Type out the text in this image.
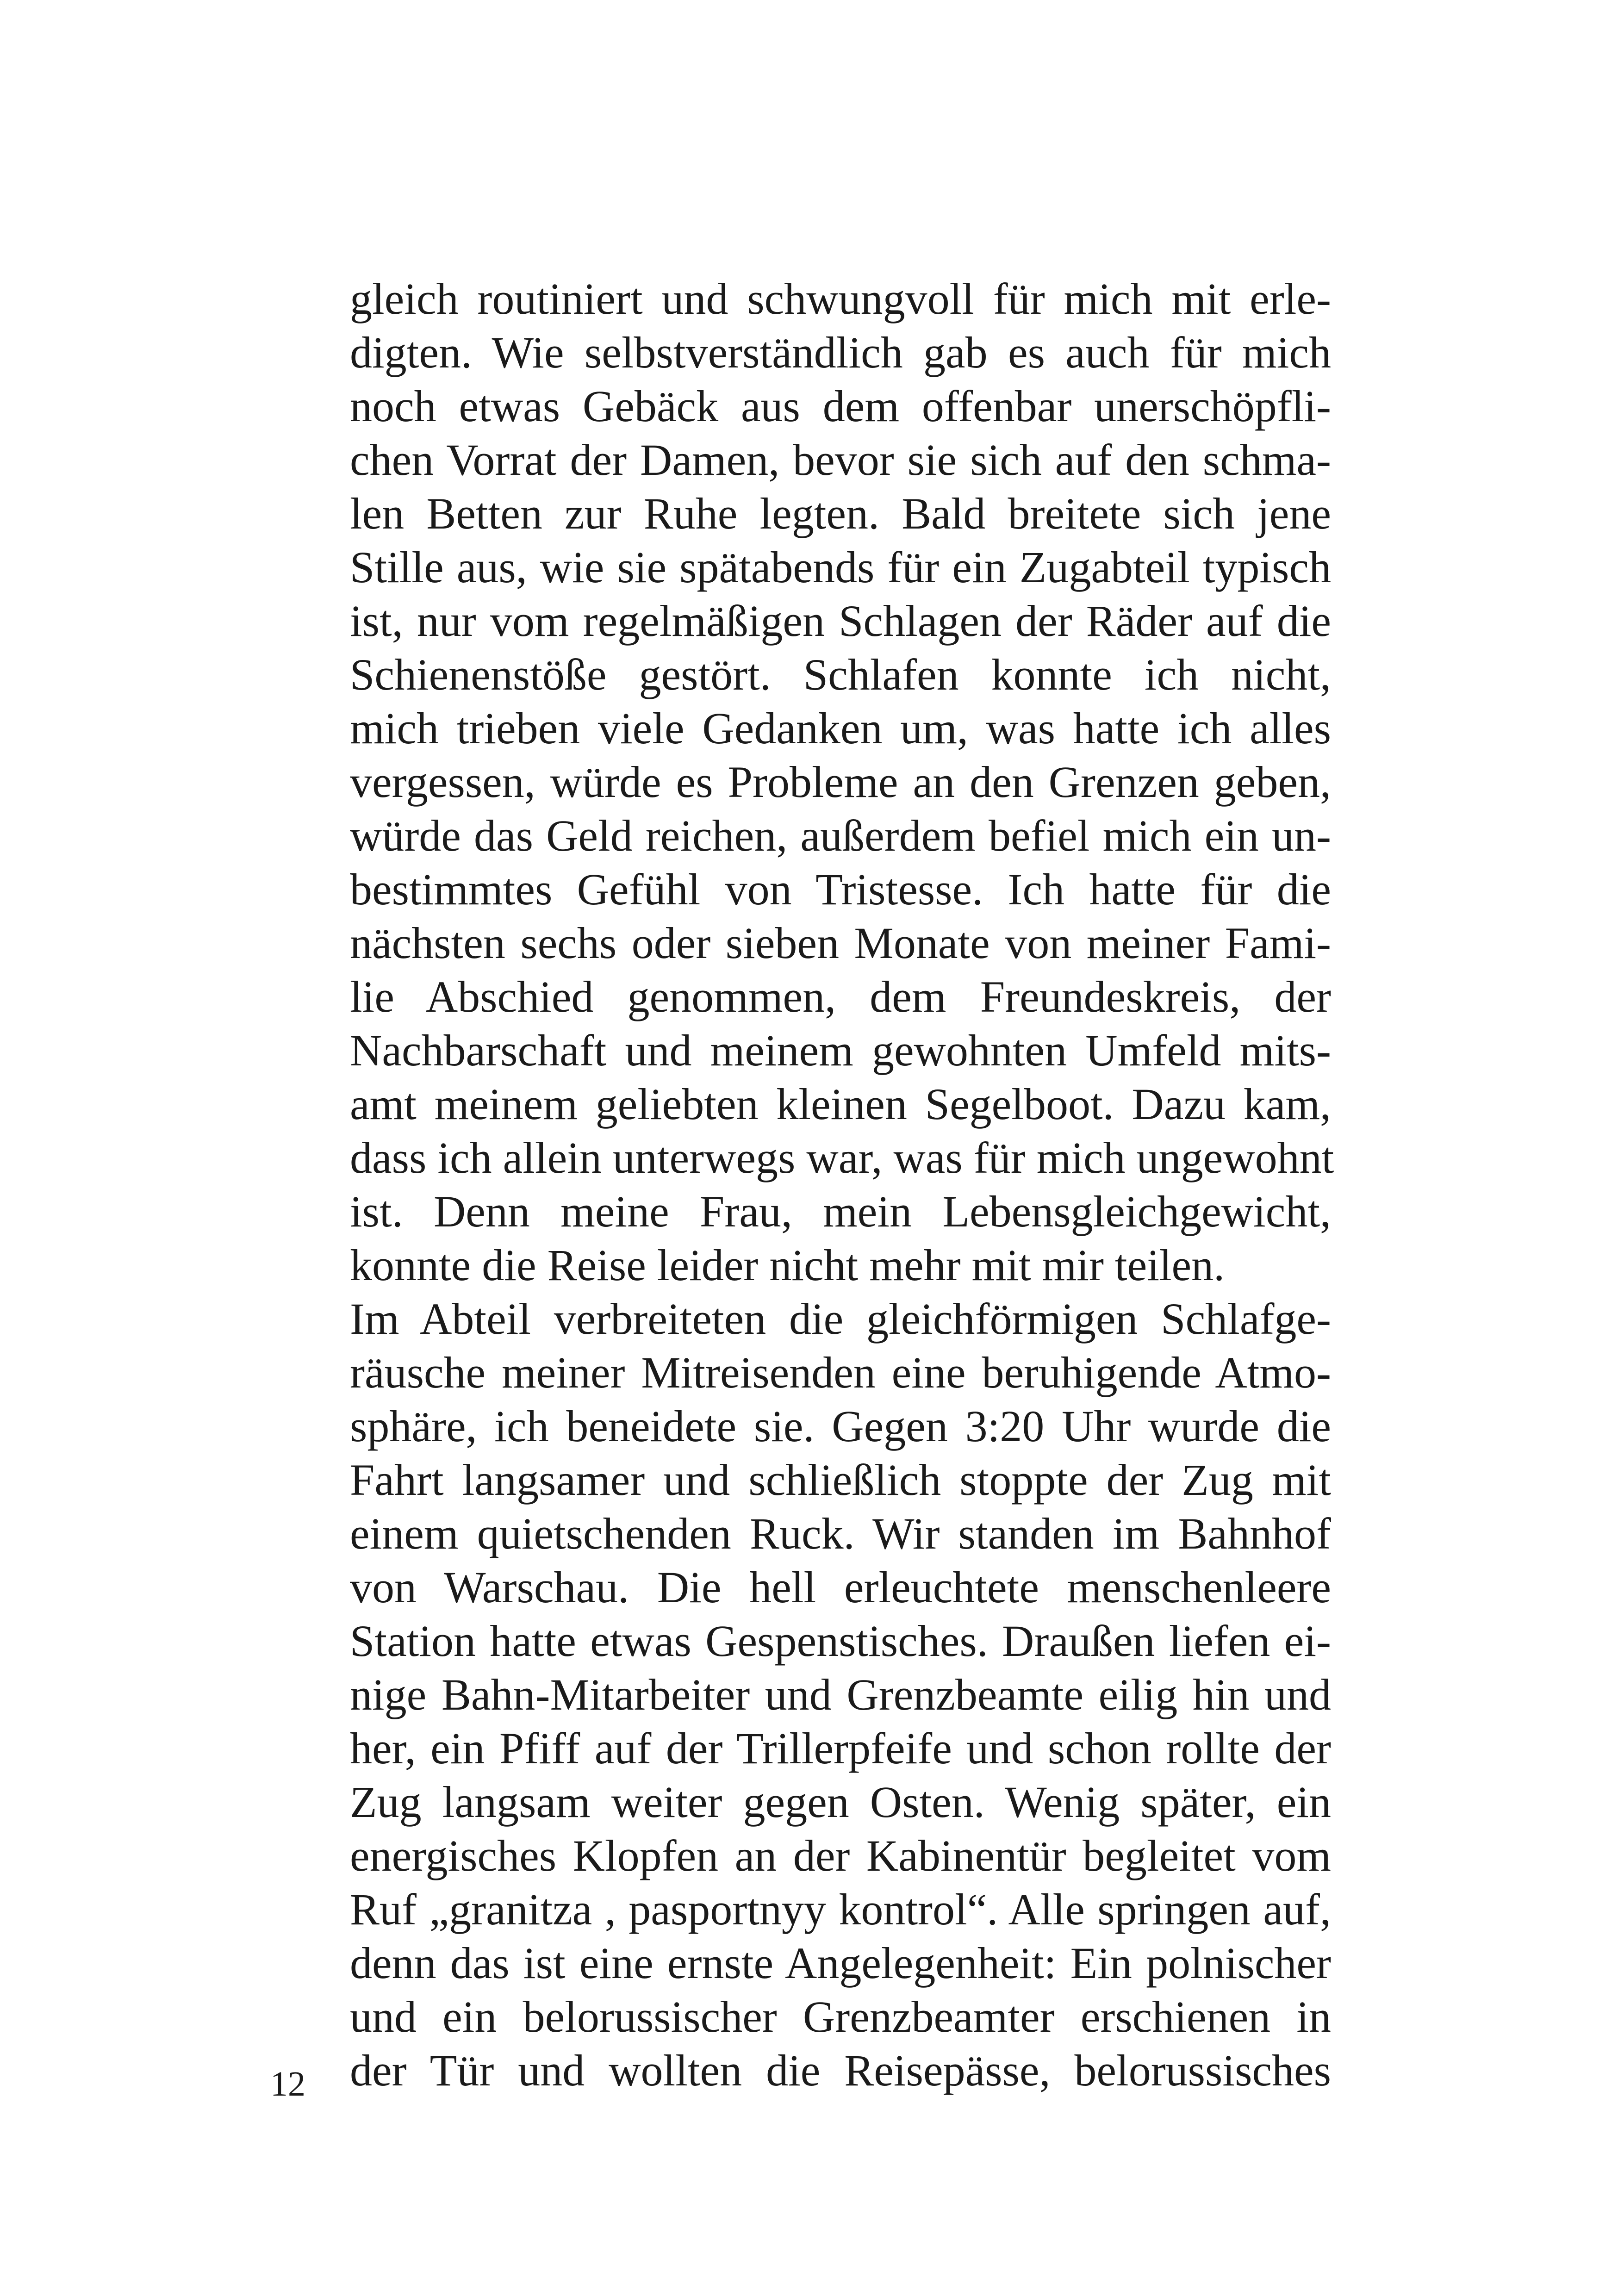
gleich routiniert und schwungvoll für mich mit erle-
digten. Wie selbstverständlich gab es auch für mich
noch etwas Gebäck aus dem offenbar unerschöpfli-
chen Vorrat der Damen, bevor sie sich auf den schma-
len Betten zur Ruhe legten. Bald breitete sich jene
Stille aus, wie sie spätabends für ein Zugabteil typisch
ist, nur vom regelmäßigen Schlagen der Räder auf die
Schienenstöße gestört. Schlafen konnte ich nicht,
mich trieben viele Gedanken um, was hatte ich alles
vergessen, würde es Probleme an den Grenzen geben,
würde das Geld reichen, außerdem befiel mich ein un-
bestimmtes Gefühl von Tristesse. Ich hatte für die
nächsten sechs oder sieben Monate von meiner Fami-
lie Abschied genommen, dem Freundeskreis, der
Nachbarschaft und meinem gewohnten Umfeld mits-
amt meinem geliebten kleinen Segelboot. Dazu kam,
dass ich allein unterwegs war, was für mich ungewohnt
ist. Denn meine Frau, mein Lebensgleichgewicht,
konnte die Reise leider nicht mehr mit mir teilen.
Im Abteil verbreiteten die gleichförmigen Schlafge-
räusche meiner Mitreisenden eine beruhigende Atmo-
sphäre, ich beneidete sie. Gegen 3:20 Uhr wurde die
Fahrt langsamer und schließlich stoppte der Zug mit
einem quietschenden Ruck. Wir standen im Bahnhof
von Warschau. Die hell erleuchtete menschenleere
Station hatte etwas Gespenstisches. Draußen liefen ei-
nige Bahn-Mitarbeiter und Grenzbeamte eilig hin und
her, ein Pfiff auf der Trillerpfeife und schon rollte der
Zug langsam weiter gegen Osten. Wenig später, ein
energisches Klopfen an der Kabinentür begleitet vom
Ruf „granitza , pasportnyy kontrol“. Alle springen auf,
denn das ist eine ernste Angelegenheit: Ein polnischer
und ein belorussischer Grenzbeamter erschienen in
der Tür und wollten die Reisepässe, belorussisches
12
